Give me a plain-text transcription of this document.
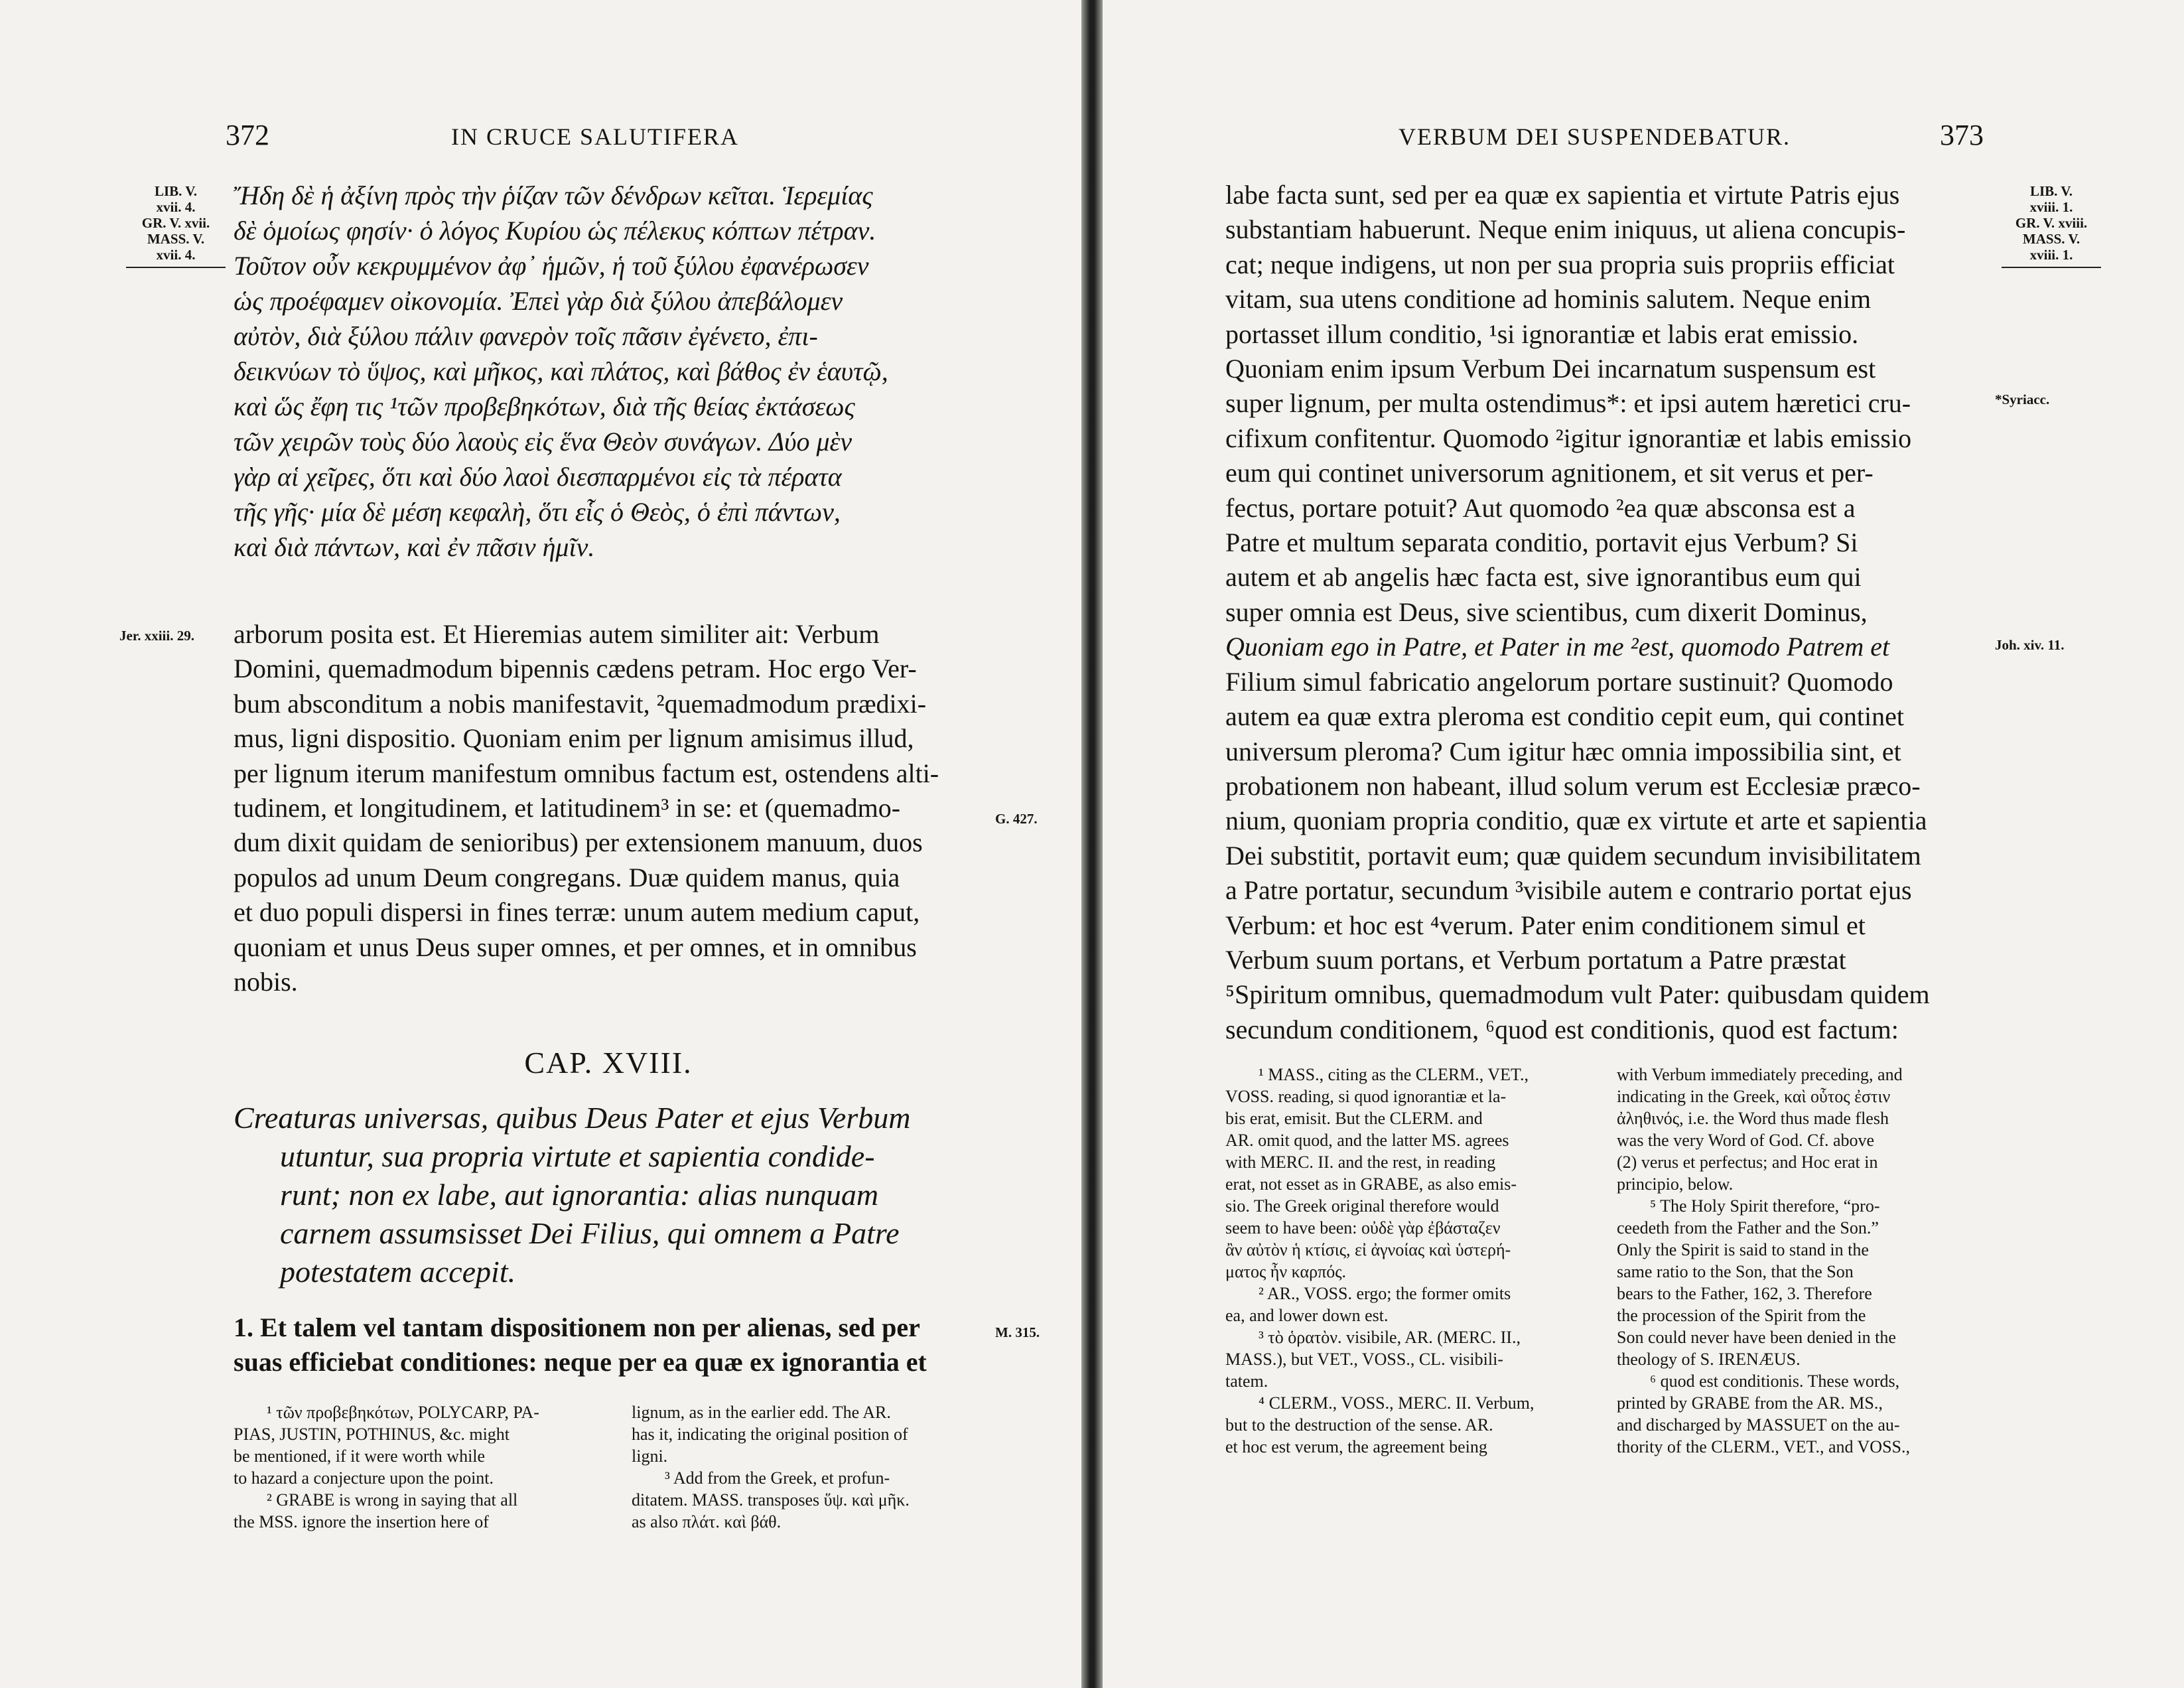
372	IN CRUCE SALUTIFERA
LIB. V.
xvii. 4.
GR. V. xvii.
MASS. V.
xvii. 4.

Ἤδη δὲ ἡ ἀξίνη πρὸς τὴν ῥίζαν τῶν δένδρων κεῖται. Ἱερεμίας

δὲ ὁμοίως φησίν· ὁ λόγος Κυρίου ὡς πέλεκυς κόπτων πέτραν.

Τοῦτον οὖν κεκρυμμένον ἀφ᾽ ἡμῶν, ἡ τοῦ ξύλου ἐφανέρωσεν

ὡς προέφαμεν οἰκονομία. Ἐπεὶ γὰρ διὰ ξύλου ἀπεβάλομεν

αὐτὸν, διὰ ξύλου πάλιν φανερὸν τοῖς πᾶσιν ἐγένετο, ἐπι-

δεικνύων τὸ ὕψος, καὶ μῆκος, καὶ πλάτος, καὶ βάθος ἐν ἑαυτῷ,

καὶ ὥς ἔφη τις ¹τῶν προβεβηκότων, διὰ τῆς θείας ἐκτάσεως

τῶν χειρῶν τοὺς δύο λαοὺς εἰς ἕνα Θεὸν συνάγων. Δύο μὲν

γὰρ αἱ χεῖρες, ὅτι καὶ δύο λαοὶ διεσπαρμένοι εἰς τὰ πέρατα

τῆς γῆς· μία δὲ μέση κεφαλὴ, ὅτι εἷς ὁ Θεὸς, ὁ ἐπὶ πάντων,

καὶ διὰ πάντων, καὶ ἐν πᾶσιν ἡμῖν.

Jer. xxiii. 29.	arborum posita est. Et Hieremias autem similiter ait: Verbum

Domini, quemadmodum bipennis cædens petram. Hoc ergo Ver-

bum absconditum a nobis manifestavit, ²quemadmodum prædixi-

mus, ligni dispositio. Quoniam enim per lignum amisimus illud,

per lignum iterum manifestum omnibus factum est, ostendens alti-

tudinem, et longitudinem, et latitudinem³ in se: et (quemadmo-

dum dixit quidam de senioribus) per extensionem manuum, duos

populos ad unum Deum congregans. Duæ quidem manus, quia

et duo populi dispersi in fines terræ: unum autem medium caput,

quoniam et unus Deus super omnes, et per omnes, et in omnibus

nobis.

G. 427.
CAP. XVIII.
Creaturas universas, quibus Deus Pater et ejus Verbum
utuntur, sua propria virtute et sapientia condide-
runt; non ex labe, aut ignorantia: alias nunquam
carnem assumsisset Dei Filius, qui omnem a Patre
potestatem accepit.

1. Et talem vel tantam dispositionem non per alienas, sed per

suas efficiebat conditiones: neque per ea quæ ex ignorantia et

M. 315.

¹ τῶν προβεβηκότων, POLYCARP, PA-

PIAS, JUSTIN, POTHINUS, &c. might

be mentioned, if it were worth while

to hazard a conjecture upon the point.

² GRABE is wrong in saying that all

the MSS. ignore the insertion here of

lignum, as in the earlier edd. The AR.

has it, indicating the original position of

ligni.

³ Add from the Greek, et profun-

ditatem. MASS. transposes ὕψ. καὶ μῆκ.

as also πλάτ. καὶ βάθ.

VERBUM DEI SUSPENDEBATUR.	373

labe facta sunt, sed per ea quæ ex sapientia et virtute Patris ejus

substantiam habuerunt. Neque enim iniquus, ut aliena concupis-

cat; neque indigens, ut non per sua propria suis propriis efficiat

vitam, sua utens conditione ad hominis salutem. Neque enim

portasset illum conditio, ¹si ignorantiæ et labis erat emissio.

Quoniam enim ipsum Verbum Dei incarnatum suspensum est

super lignum, per multa ostendimus*: et ipsi autem hæretici cru-

cifixum confitentur. Quomodo ²igitur ignorantiæ et labis emissio

eum qui continet universorum agnitionem, et sit verus et per-

fectus, portare potuit? Aut quomodo ²ea quæ absconsa est a

Patre et multum separata conditio, portavit ejus Verbum? Si

autem et ab angelis hæc facta est, sive ignorantibus eum qui

super omnia est Deus, sive scientibus, cum dixerit Dominus,

Quoniam ego in Patre, et Pater in me ²est, quomodo Patrem et

Filium simul fabricatio angelorum portare sustinuit? Quomodo

autem ea quæ extra pleroma est conditio cepit eum, qui continet

universum pleroma? Cum igitur hæc omnia impossibilia sint, et

probationem non habeant, illud solum verum est Ecclesiæ præco-

nium, quoniam propria conditio, quæ ex virtute et arte et sapientia

Dei substitit, portavit eum; quæ quidem secundum invisibilitatem

a Patre portatur, secundum ³visibile autem e contrario portat ejus

Verbum: et hoc est ⁴verum. Pater enim conditionem simul et

Verbum suum portans, et Verbum portatum a Patre præstat

⁵Spiritum omnibus, quemadmodum vult Pater: quibusdam quidem

secundum conditionem, ⁶quod est conditionis, quod est factum:

LIB. V.
xviii. 1.
GR. V. xviii.
MASS. V.
xviii. 1.
*Syriacc.
Joh. xiv. 11.

¹ MASS., citing as the CLERM., VET.,

VOSS. reading, si quod ignorantiæ et la-

bis erat, emisit. But the CLERM. and

AR. omit quod, and the latter MS. agrees

with MERC. II. and the rest, in reading

erat, not esset as in GRABE, as also emis-

sio. The Greek original therefore would

seem to have been: οὐδὲ γὰρ ἐβάσταζεν

ἂν αὐτὸν ἡ κτίσις, εἰ ἀγνοίας καὶ ὑστερή-

ματος ἦν καρπός.

² AR., VOSS. ergo; the former omits

ea, and lower down est.

³ τὸ ὁρατὸν. visibile, AR. (MERC. II.,

MASS.), but VET., VOSS., CL. visibili-

tatem.

⁴ CLERM., VOSS., MERC. II. Verbum,

but to the destruction of the sense. AR.

et hoc est verum, the agreement being

with Verbum immediately preceding, and

indicating in the Greek, καὶ οὗτος ἐστιν

ἀληθινός, i.e. the Word thus made flesh

was the very Word of God. Cf. above

(2) verus et perfectus; and Hoc erat in

principio, below.

⁵ The Holy Spirit therefore, “pro-

ceedeth from the Father and the Son.”

Only the Spirit is said to stand in the

same ratio to the Son, that the Son

bears to the Father, 162, 3. Therefore

the procession of the Spirit from the

Son could never have been denied in the

theology of S. IRENÆUS.

⁶ quod est conditionis. These words,

printed by GRABE from the AR. MS.,

and discharged by MASSUET on the au-

thority of the CLERM., VET., and VOSS.,
